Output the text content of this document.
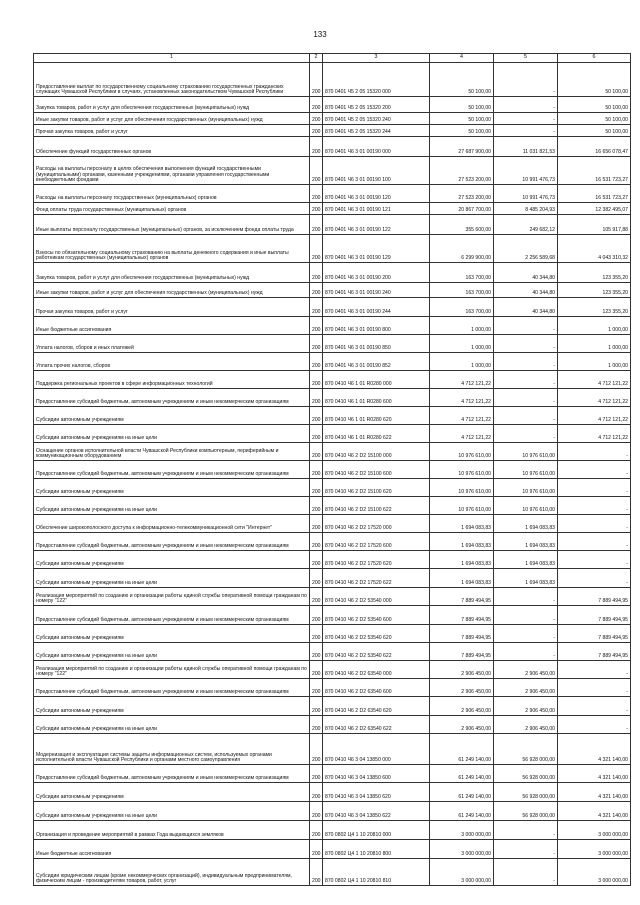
133
1	2	3	4	5	6
Предоставление выплат по государственному социальному страхованию государственных гражданских служащих Чувашской Республики в случаях, установленных законодательством Чувашской Республики	200	870 0401 Ч5 2 05 15320 000	50 100,00	-	50 100,00
Закупка товаров, работ и услуг для обеспечения государственных (муниципальных) нужд	200	870 0401 Ч5 2 05 15320 200	50 100,00	-	50 100,00
Иные закупки товаров, работ и услуг для обеспечения государственных (муниципальных) нужд	200	870 0401 Ч5 2 05 15320 240	50 100,00	-	50 100,00
Прочая закупка товаров, работ и услуг	200	870 0401 Ч5 2 05 15320 244	50 100,00	-	50 100,00
Обеспечение функций государственных органов	200	870 0401 Ч6 3 01 00190 000	27 687 900,00	11 031 821,53	16 656 078,47
Расходы на выплаты персоналу в целях обеспечения выполнения функций государственными (муниципальными) органами, казенными учреждениями, органами управления государственными внебюджетными фондами	200	870 0401 Ч6 3 01 00190 100	27 523 200,00	10 991 476,73	16 531 723,27
Расходы на выплаты персоналу государственных (муниципальных) органов	200	870 0401 Ч6 3 01 00190 120	27 523 200,00	10 991 476,73	16 531 723,27
Фонд оплаты труда государственных (муниципальных) органов	200	870 0401 Ч6 3 01 00190 121	20 867 700,00	8 485 204,93	12 382 495,07
Иные выплаты персоналу государственных (муниципальных) органов, за исключением фонда оплаты труда	200	870 0401 Ч6 3 01 00190 122	355 600,00	249 682,12	105 917,88
Взносы по обязательному социальному страхованию на выплаты денежного содержания и иные выплаты работникам государственных (муниципальных) органов	200	870 0401 Ч6 3 01 00190 129	6 299 900,00	2 256 589,68	4 043 310,32
Закупка товаров, работ и услуг для обеспечения государственных (муниципальных) нужд	200	870 0401 Ч6 3 01 00190 200	163 700,00	40 344,80	123 355,20
Иные закупки товаров, работ и услуг для обеспечения государственных (муниципальных) нужд	200	870 0401 Ч6 3 01 00190 240	163 700,00	40 344,80	123 355,20
Прочая закупка товаров, работ и услуг	200	870 0401 Ч6 3 01 00190 244	163 700,00	40 344,80	123 355,20
Иные бюджетные ассигнования	200	870 0401 Ч6 3 01 00190 800	1 000,00	-	1 000,00
Уплата налогов, сборов и иных платежей	200	870 0401 Ч6 3 01 00190 850	1 000,00	-	1 000,00
Уплата прочих налогов, сборов	200	870 0401 Ч6 3 01 00190 852	1 000,00	-	1 000,00
Поддержка региональных проектов в сфере информационных технологий	200	870 0410 Ч6 1 01 R0280 000	4 712 121,22	-	4 712 121,22
Предоставление субсидий бюджетным, автономным учреждениям и иным некоммерческим организациям	200	870 0410 Ч6 1 01 R0280 600	4 712 121,22	-	4 712 121,22
Субсидии автономным учреждениям	200	870 0410 Ч6 1 01 R0280 620	4 712 121,22	-	4 712 121,22
Субсидии автономным учреждениям на иные цели	200	870 0410 Ч6 1 01 R0280 622	4 712 121,22	-	4 712 121,22
Оснащение органов исполнительной власти Чувашской Республики компьютерным, периферийным и коммуникационным оборудованием	200	870 0410 Ч6 2 D2 15100 000	10 976 610,00	10 976 610,00	-
Предоставление субсидий бюджетным, автономным учреждениям и иным некоммерческим организациям	200	870 0410 Ч6 2 D2 15100 600	10 976 610,00	10 976 610,00	-
Субсидии автономным учреждениям	200	870 0410 Ч6 2 D2 15100 620	10 976 610,00	10 976 610,00	-
Субсидии автономным учреждениям на иные цели	200	870 0410 Ч6 2 D2 15100 622	10 976 610,00	10 976 610,00	-
Обеспечение широкополосного доступа к информационно-телекоммуникационной сети "Интернет"	200	870 0410 Ч6 2 D2 17520 000	1 694 083,83	1 694 083,83	-
Предоставление субсидий бюджетным, автономным учреждениям и иным некоммерческим организациям	200	870 0410 Ч6 2 D2 17520 600	1 694 083,83	1 694 083,83	-
Субсидии автономным учреждениям	200	870 0410 Ч6 2 D2 17520 620	1 694 083,83	1 694 083,83	-
Субсидии автономным учреждениям на иные цели	200	870 0410 Ч6 2 D2 17520 622	1 694 083,83	1 694 083,83	-
Реализация мероприятий по созданию и организации работы единой службы оперативной помощи гражданам по номеру "122"	200	870 0410 Ч6 2 D2 53540 000	7 889 494,95	-	7 889 494,95
Предоставление субсидий бюджетным, автономным учреждениям и иным некоммерческим организациям	200	870 0410 Ч6 2 D2 53540 600	7 889 494,95	-	7 889 494,95
Субсидии автономным учреждениям	200	870 0410 Ч6 2 D2 53540 620	7 889 494,95	-	7 889 494,95
Субсидии автономным учреждениям на иные цели	200	870 0410 Ч6 2 D2 53540 622	7 889 494,95	-	7 889 494,95
Реализация мероприятий по созданию и организации работы единой службы оперативной помощи гражданам по номеру "122"	200	870 0410 Ч6 2 D2 63540 000	2 906 450,00	2 906 450,00	-
Предоставление субсидий бюджетным, автономным учреждениям и иным некоммерческим организациям	200	870 0410 Ч6 2 D2 63540 600	2 906 450,00	2 906 450,00	-
Субсидии автономным учреждениям	200	870 0410 Ч6 2 D2 63540 620	2 906 450,00	2 906 450,00	-
Субсидии автономным учреждениям на иные цели	200	870 0410 Ч6 2 D2 63540 622	2 906 450,00	2 906 450,00	-
Модернизация и эксплуатация системы защиты информационных систем, используемых органами исполнительной власти Чувашской Республики и органами местного самоуправления	200	870 0410 Ч6 3 04 13850 000	61 249 140,00	56 928 000,00	4 321 140,00
Предоставление субсидий бюджетным, автономным учреждениям и иным некоммерческим организациям	200	870 0410 Ч6 3 04 13850 600	61 249 140,00	56 928 000,00	4 321 140,00
Субсидии автономным учреждениям	200	870 0410 Ч6 3 04 13850 620	61 249 140,00	56 928 000,00	4 321 140,00
Субсидии автономным учреждениям на иные цели	200	870 0410 Ч6 3 04 13850 622	61 249 140,00	56 928 000,00	4 321 140,00
Организация и проведение мероприятий в рамках Года выдающихся земляков	200	870 0802 Ц4 1 10 20810 000	3 000 000,00	-	3 000 000,00
Иные бюджетные ассигнования	200	870 0802 Ц4 1 10 20810 800	3 000 000,00	-	3 000 000,00
Субсидии юридическим лицам (кроме некоммерческих организаций), индивидуальным предпринимателям, физическим лицам - производителям товаров, работ, услуг	200	870 0802 Ц4 1 10 20810 810	3 000 000,00	-	3 000 000,00
